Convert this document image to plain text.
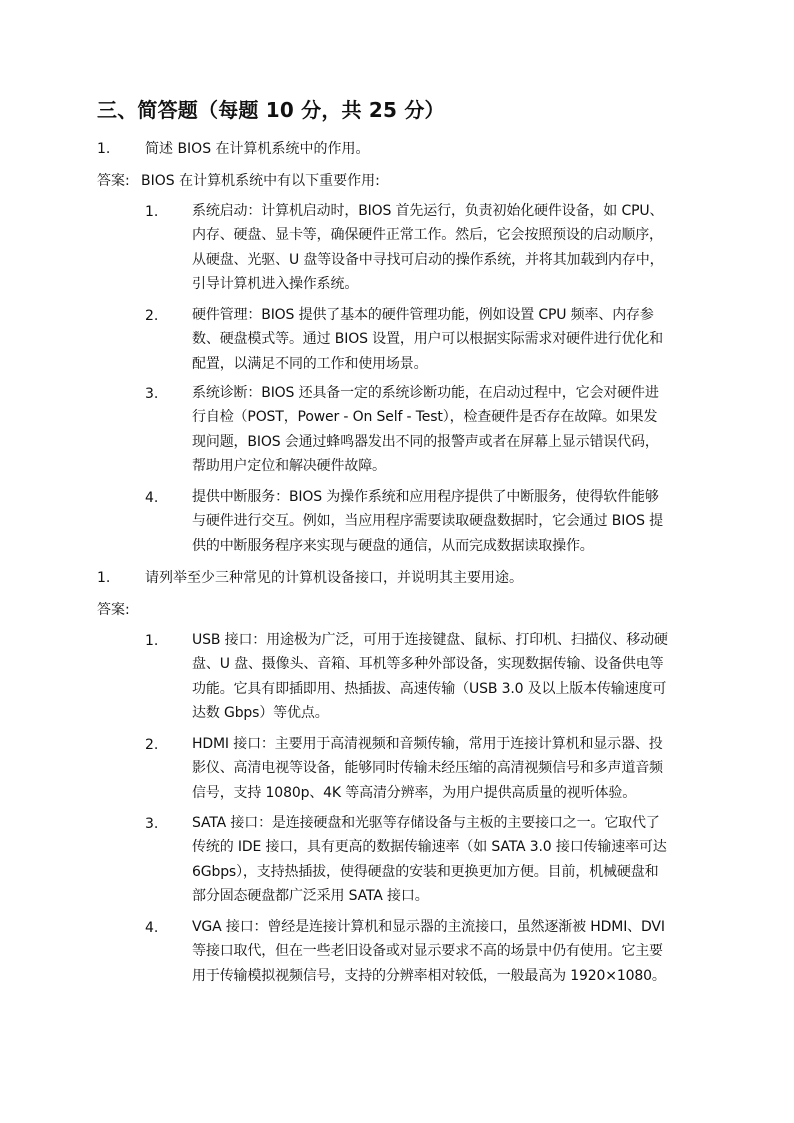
三、简答题（每题 10 分，共 25 分）
1. 简述 BIOS 在计算机系统中的作用。
答案: BIOS 在计算机系统中有以下重要作用:
1. 系统启动：计算机启动时，BIOS 首先运行，负责初始化硬件设备，如 CPU、
内存、硬盘、显卡等，确保硬件正常工作。然后，它会按照预设的启动顺序，
从硬盘、光驱、U 盘等设备中寻找可启动的操作系统，并将其加载到内存中，
引导计算机进入操作系统。
2. 硬件管理：BIOS 提供了基本的硬件管理功能，例如设置 CPU 频率、内存参
数、硬盘模式等。通过 BIOS 设置，用户可以根据实际需求对硬件进行优化和
配置，以满足不同的工作和使用场景。
3. 系统诊断：BIOS 还具备一定的系统诊断功能，在启动过程中，它会对硬件进
行自检（POST，Power - On Self - Test），检查硬件是否存在故障。如果发
现问题，BIOS 会通过蜂鸣器发出不同的报警声或者在屏幕上显示错误代码，
帮助用户定位和解决硬件故障。
4. 提供中断服务：BIOS 为操作系统和应用程序提供了中断服务，使得软件能够
与硬件进行交互。例如，当应用程序需要读取硬盘数据时，它会通过 BIOS 提
供的中断服务程序来实现与硬盘的通信，从而完成数据读取操作。
1. 请列举至少三种常见的计算机设备接口，并说明其主要用途。
答案:
1. USB 接口：用途极为广泛，可用于连接键盘、鼠标、打印机、扫描仪、移动硬
盘、U 盘、摄像头、音箱、耳机等多种外部设备，实现数据传输、设备供电等
功能。它具有即插即用、热插拔、高速传输（USB 3.0 及以上版本传输速度可
达数 Gbps）等优点。
2. HDMI 接口：主要用于高清视频和音频传输，常用于连接计算机和显示器、投
影仪、高清电视等设备，能够同时传输未经压缩的高清视频信号和多声道音频
信号，支持 1080p、4K 等高清分辨率，为用户提供高质量的视听体验。
3. SATA 接口：是连接硬盘和光驱等存储设备与主板的主要接口之一。它取代了
传统的 IDE 接口，具有更高的数据传输速率（如 SATA 3.0 接口传输速率可达
6Gbps），支持热插拔，使得硬盘的安装和更换更加方便。目前，机械硬盘和
部分固态硬盘都广泛采用 SATA 接口。
4. VGA 接口：曾经是连接计算机和显示器的主流接口，虽然逐渐被 HDMI、DVI
等接口取代，但在一些老旧设备或对显示要求不高的场景中仍有使用。它主要
用于传输模拟视频信号，支持的分辨率相对较低，一般最高为 1920×1080。
